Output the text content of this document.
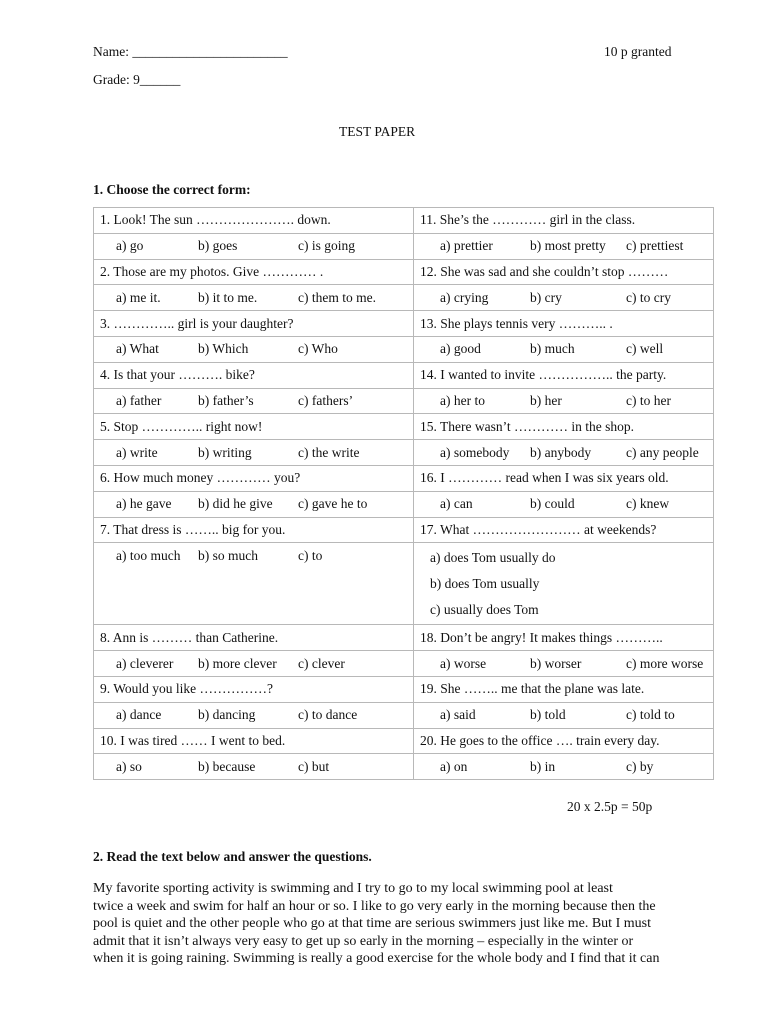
Name: _______________________	10 p granted
Grade: 9______
TEST PAPER
1. Choose the correct form:
1. Look! The sun …………………. down.	11. She’s the ………… girl in the class.
a) go b) goes c) is going	a) prettier b) most pretty c) prettiest
2. Those are my photos. Give ………… .	12. She was sad and she couldn’t stop ………
a) me it. b) it to me. c) them to me.	a) crying b) cry c) to cry
3. ………….. girl is your daughter?	13. She plays tennis very ……….. .
a) What b) Which c) Who	a) good b) much c) well
4. Is that your ………. bike?	14. I wanted to invite …………….. the party.
a) father b) father’s c) fathers’	a) her to b) her c) to her
5. Stop ………….. right now!	15. There wasn’t ………… in the shop.
a) write b) writing c) the write	a) somebody b) anybody c) any people
6. How much money ………… you?	16. I ………… read when I was six years old.
a) he gave b) did he give c) gave he to	a) can b) could c) knew
7. That dress is …….. big for you.	17. What …………………… at weekends?
a) too much b) so much c) to	a) does Tom usually do
b) does Tom usually
c) usually does Tom

8. Ann is ……… than Catherine.	18. Don’t be angry! It makes things ………..
a) cleverer b) more clever c) clever	a) worse b) worser c) more worse
9. Would you like ……………?	19. She …….. me that the plane was late.
a) dance b) dancing c) to dance	a) said b) told c) told to
10. I was tired …… I went to bed.	20. He goes to the office …. train every day.
a) so b) because c) but	a) on b) in c) by
20 x 2.5p = 50p
2. Read the text below and answer the questions.
My favorite sporting activity is swimming and I try to go to my local swimming pool at least
twice a week and swim for half an hour or so. I like to go very early in the morning because then the
pool is quiet and the other people who go at that time are serious swimmers just like me. But I must
admit that it isn’t always very easy to get up so early in the morning – especially in the winter or
when it is going raining. Swimming is really a good exercise for the whole body and I find that it can
